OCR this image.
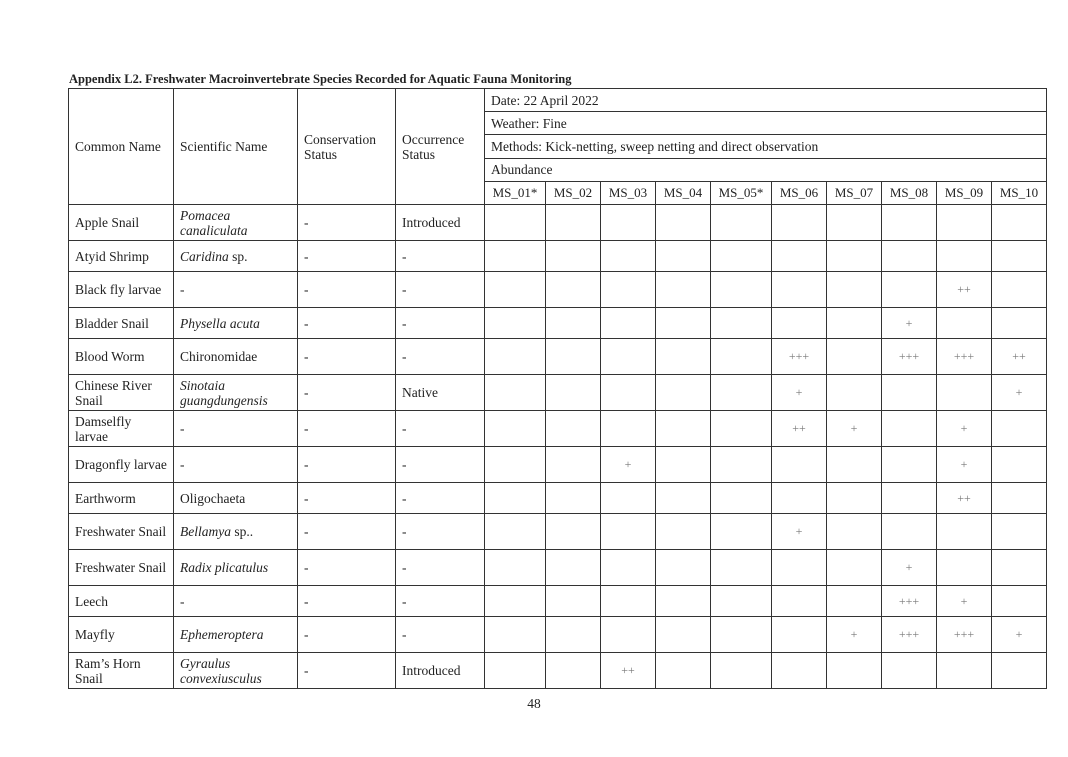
Appendix L2. Freshwater Macroinvertebrate Species Recorded for Aquatic Fauna Monitoring
Common Name	Scientific Name	Conservation Status	Occurrence Status	Date: 22 April 2022									
				Weather: Fine									
				Methods: Kick-netting, sweep netting and direct observation									
				Abundance									
				MS_01*	MS_02	MS_03	MS_04	MS_05*	MS_06	MS_07	MS_08	MS_09	MS_10
Apple Snail	Pomacea canaliculata	-	Introduced										
Atyid Shrimp	Caridina sp.	-	-										
Black fly larvae	-	-	-									++	
Bladder Snail	Physella acuta	-	-								+		
Blood Worm	Chironomidae	-	-						+++		+++	+++	++
Chinese River Snail	Sinotaia guangdungensis	-	Native						+				+
Damselfly larvae	-	-	-						++	+		+	
Dragonfly larvae	-	-	-			+						+	
Earthworm	Oligochaeta	-	-									++	
Freshwater Snail	Bellamya sp..	-	-						+				
Freshwater Snail	Radix plicatulus	-	-								+		
Leech	-	-	-								+++	+	
Mayfly	Ephemeroptera	-	-							+	+++	+++	+
Ram’s Horn Snail	Gyraulus convexiusculus	-	Introduced			++							
48
